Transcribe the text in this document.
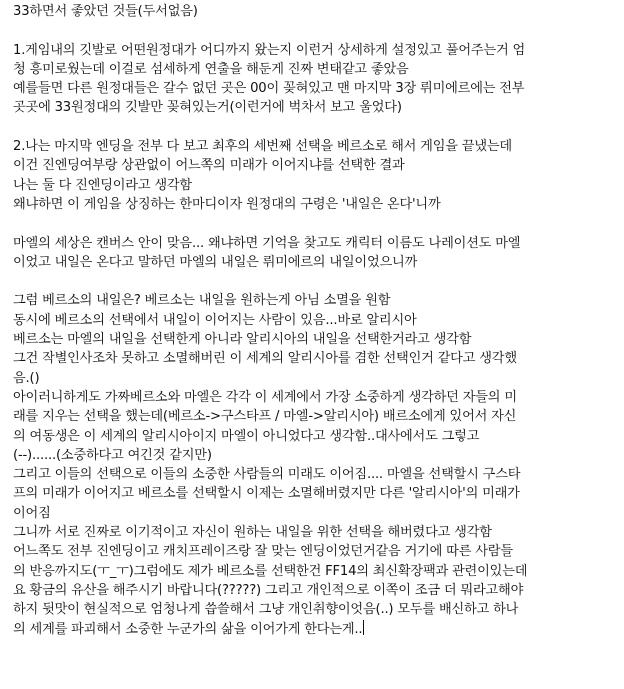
33하면서 좋았던 것들(두서없음)
1.게임내의 깃발로 어떤원정대가 어디까지 왔는지 이런거 상세하게 설정있고 풀어주는거 엄
청 흥미로웠는데 이걸로 섬세하게 연출을 해둔게 진짜 변태같고 좋았음
예를들면 다른 원정대들은 갈수 없던 곳은 00이 꽂혀있고 맨 마지막 3장 뤼미에르에는 전부
곳곳에 33원정대의 깃발만 꽂혀있는거(이런거에 벅차서 보고 울었다)
2.나는 마지막 엔딩을 전부 다 보고 최후의 세번째 선택을 베르소로 해서 게임을 끝냈는데
이건 진엔딩여부랑 상관없이 어느쪽의 미래가 이어지냐를 선택한 결과
나는 둘 다 진엔딩이라고 생각함
왜냐하면 이 게임을 상징하는 한마디이자 원정대의 구령은 '내일은 온다'니까
마엘의 세상은 캔버스 안이 맞음... 왜냐하면 기억을 찾고도 캐릭터 이름도 나레이션도 마엘
이었고 내일은 온다고 말하던 마엘의 내일은 뤼미에르의 내일이었으니까
그럼 베르소의 내일은? 베르소는 내일을 원하는게 아님 소멸을 원함
동시에 베르소의 선택에서 내일이 이어지는 사람이 있음...바로 알리시아
베르소는 마엘의 내일을 선택한게 아니라 알리시아의 내일을 선택한거라고 생각함
그건 작별인사조차 못하고 소멸해버린 이 세계의 알리시아를 겸한 선택인거 같다고 생각했
음.()
아이러니하게도 가짜베르소와 마엘은 각각 이 세계에서 가장 소중하게 생각하던 자들의 미
래를 지우는 선택을 했는데(베르소->구스타프 / 마엘->알리시아) 배르소에게 있어서 자신
의 여동생은 이 세계의 알리시아이지 마엘이 아니었다고 생각함..대사에서도 그렇고
(--)......(소중하다고 여긴것 같지만)
그리고 이들의 선택으로 이들의 소중한 사람들의 미래도 이어짐.... 마엘을 선택할시 구스타
프의 미래가 이어지고 베르소를 선택할시 이제는 소멸해버렸지만 다른 '알리시아'의 미래가
이어짐
그니까 서로 진짜로 이기적이고 자신이 원하는 내일을 위한 선택을 해버렸다고 생각함
어느쪽도 전부 진엔딩이고 캐치프레이즈랑 잘 맞는 엔딩이었던거같음 거기에 따른 사람들
의 반응까지도(ㅜ_ㅜ)그럼에도 제가 베르소를 선택한건 FF14의 최신확장팩과 관련이있는데
요 황금의 유산을 해주시기 바랍니다(?????) 그리고 개인적으로 이쪽이 조금 더 뭐라고해야
하지 뒷맛이 현실적으로 엄청나게 씁쓸해서 그냥 개인취향이엇음(..) 모두를 배신하고 하나
의 세계를 파괴해서 소중한 누군가의 삶을 이어가게 한다는게..
